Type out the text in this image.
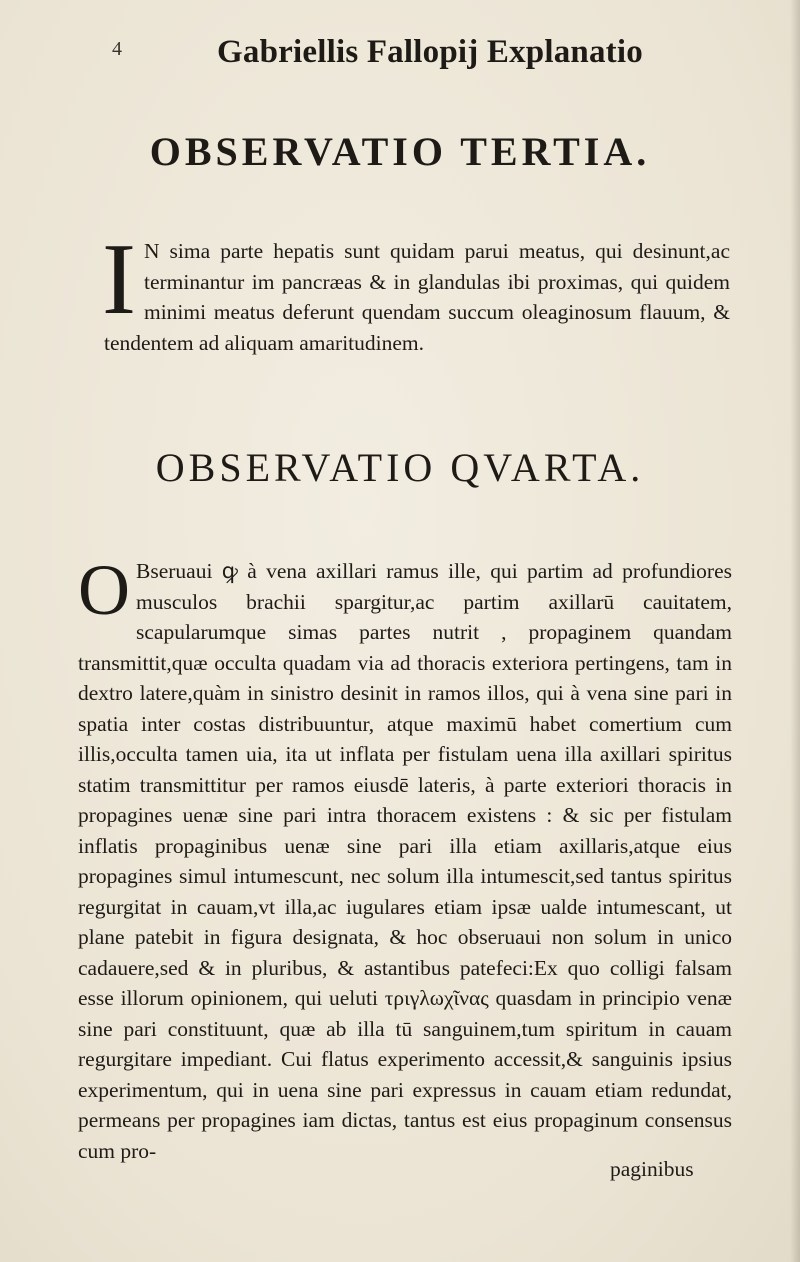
4	Gabriellis Fallopij Explanatio
OBSERVATIO TERTIA.
I N sima parte hepatis sunt quidam parui meatus, qui desinunt,ac terminantur im pancræas & in glandulas ibi proximas, qui quidem minimi meatus deferunt quendam succum oleaginosum flauum, & tendentem ad aliquam amaritudinem.
OBSERVATIO QVARTA.
O Bseruaui ꝙ à vena axillari ramus ille, qui partim ad profundiores musculos brachii spargitur,ac partim axillarū cauitatem, scapularumque simas partes nutrit , propaginem quandam transmittit,quæ occulta quadam via ad thoracis exteriora pertingens, tam in dextro latere,quàm in sinistro desinit in ramos illos, qui à vena sine pari in spatia inter costas distribuuntur, atque maximū habet comertium cum illis,occulta tamen uia, ita ut inflata per fistulam uena illa axillari spiritus statim transmittitur per ramos eiusdē lateris, à parte exteriori thoracis in propagines uenæ sine pari intra thoracem existens : & sic per fistulam inflatis propaginibus uenæ sine pari illa etiam axillaris,atque eius propagines simul intumescunt, nec solum illa intumescit,sed tantus spiritus regurgitat in cauam,vt illa,ac iugulares etiam ipsæ ualde intumescant, ut plane patebit in figura designata, & hoc obseruaui non solum in unico cadauere,sed & in pluribus, & astantibus patefeci:Ex quo colligi falsam esse illorum opinionem, qui ueluti τριγλωχῖνας quasdam in principio venæ sine pari constituunt, quæ ab illa tū sanguinem,tum spiritum in cauam regurgitare impediant. Cui flatus experimento accessit,& sanguinis ipsius experimentum, qui in uena sine pari expressus in cauam etiam redundat, permeans per propagines iam dictas, tantus est eius propaginum consensus cum pro-
paginibus
